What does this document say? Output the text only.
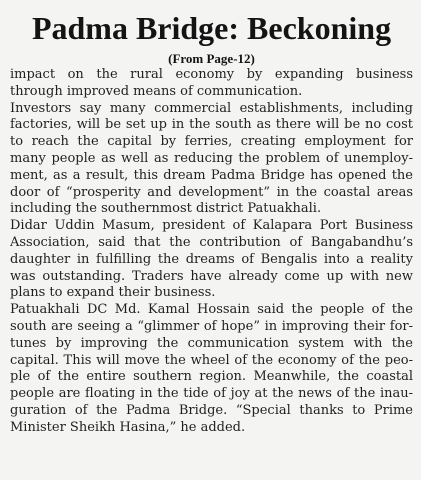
Padma Bridge: Beckoning
(From Page-12)

impact on the rural economy by expanding business
through improved means of communication.

Investors say many commercial establishments, including
factories, will be set up in the south as there will be no cost
to reach the capital by ferries, creating employment for
many people as well as reducing the problem of unemploy-
ment, as a result, this dream Padma Bridge has opened the
door of “prosperity and development” in the coastal areas
including the southernmost district Patuakhali.

Didar Uddin Masum, president of Kalapara Port Business
Association, said that the contribution of Bangabandhu’s
daughter in fulfilling the dreams of Bengalis into a reality
was outstanding. Traders have already come up with new
plans to expand their business.

Patuakhali DC Md. Kamal Hossain said the people of the
south are seeing a “glimmer of hope” in improving their for-
tunes by improving the communication system with the
capital. This will move the wheel of the economy of the peo-
ple of the entire southern region. Meanwhile, the coastal
people are floating in the tide of joy at the news of the inau-
guration of the Padma Bridge. “Special thanks to Prime
Minister Sheikh Hasina,” he added.
